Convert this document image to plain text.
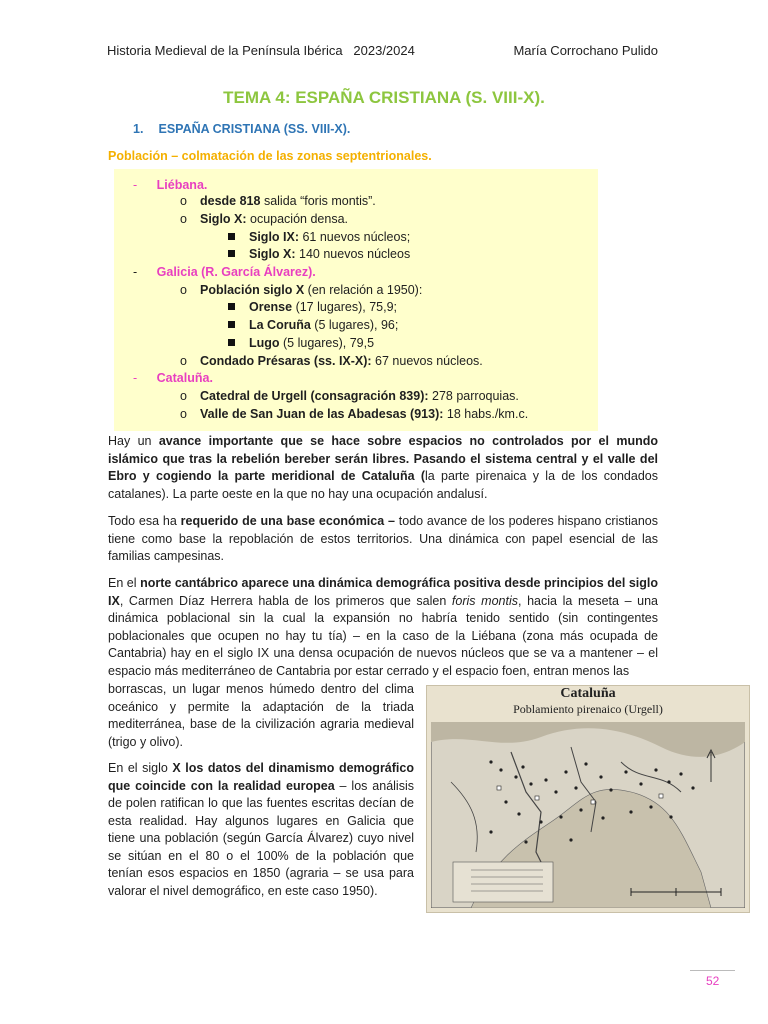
Historia Medieval de la Península Ibérica   2023/2024	María Corrochano Pulido
TEMA 4: ESPAÑA CRISTIANA (S. VIII-X).
1. ESPAÑA CRISTIANA (SS. VIII-X).
Población – colmatación de las zonas septentrionales.
- Liébana.
o desde 818 salida “foris montis”.
o Siglo X: ocupación densa.
Siglo IX: 61 nuevos núcleos;
Siglo X: 140 nuevos núcleos
- Galicia (R. García Álvarez).
o Población siglo X (en relación a 1950):
Orense (17 lugares), 75,9;
La Coruña (5 lugares), 96;
Lugo (5 lugares), 79,5
o Condado Présaras (ss. IX-X): 67 nuevos núcleos.
- Cataluña.
o Catedral de Urgell (consagración 839): 278 parroquias.
o Valle de San Juan de las Abadesas (913): 18 habs./km.c.
Hay un avance importante que se hace sobre espacios no controlados por el mundo islámico que tras la rebelión bereber serán libres. Pasando el sistema central y el valle del Ebro y cogiendo la parte meridional de Cataluña (la parte pirenaica y la de los condados catalanes). La parte oeste en la que no hay una ocupación andalusí.
Todo esa ha requerido de una base económica – todo avance de los poderes hispano cristianos tiene como base la repoblación de estos territorios. Una dinámica con papel esencial de las familias campesinas.
En el norte cantábrico aparece una dinámica demográfica positiva desde principios del siglo IX, Carmen Díaz Herrera habla de los primeros que salen foris montis, hacia la meseta – una dinámica poblacional sin la cual la expansión no habría tenido sentido (sin contingentes poblacionales que ocupen no hay tu tía) – en la caso de la Liébana (zona más ocupada de Cantabria) hay en el siglo IX una densa ocupación de nuevos núcleos que se va a mantener – el espacio más mediterráneo de Cantabria por estar cerrado y el espacio foen, entran menos las
borrascas, un lugar menos húmedo dentro del clima oceánico y permite la adaptación de la triada mediterránea, base de la civilización agraria medieval (trigo y olivo).
En el siglo X los datos del dinamismo demográfico que coincide con la realidad europea – los análisis de polen ratifican lo que las fuentes escritas decían de esta realidad. Hay algunos lugares en Galicia que tiene una población (según García Álvarez) cuyo nivel se sitúan en el 80 o el 100% de la población que tenían esos espacios en 1850 (agraria – se usa para valorar el nivel demográfico, en este caso 1950).
Cataluña
Poblamiento pirenaico (Urgell)
52
